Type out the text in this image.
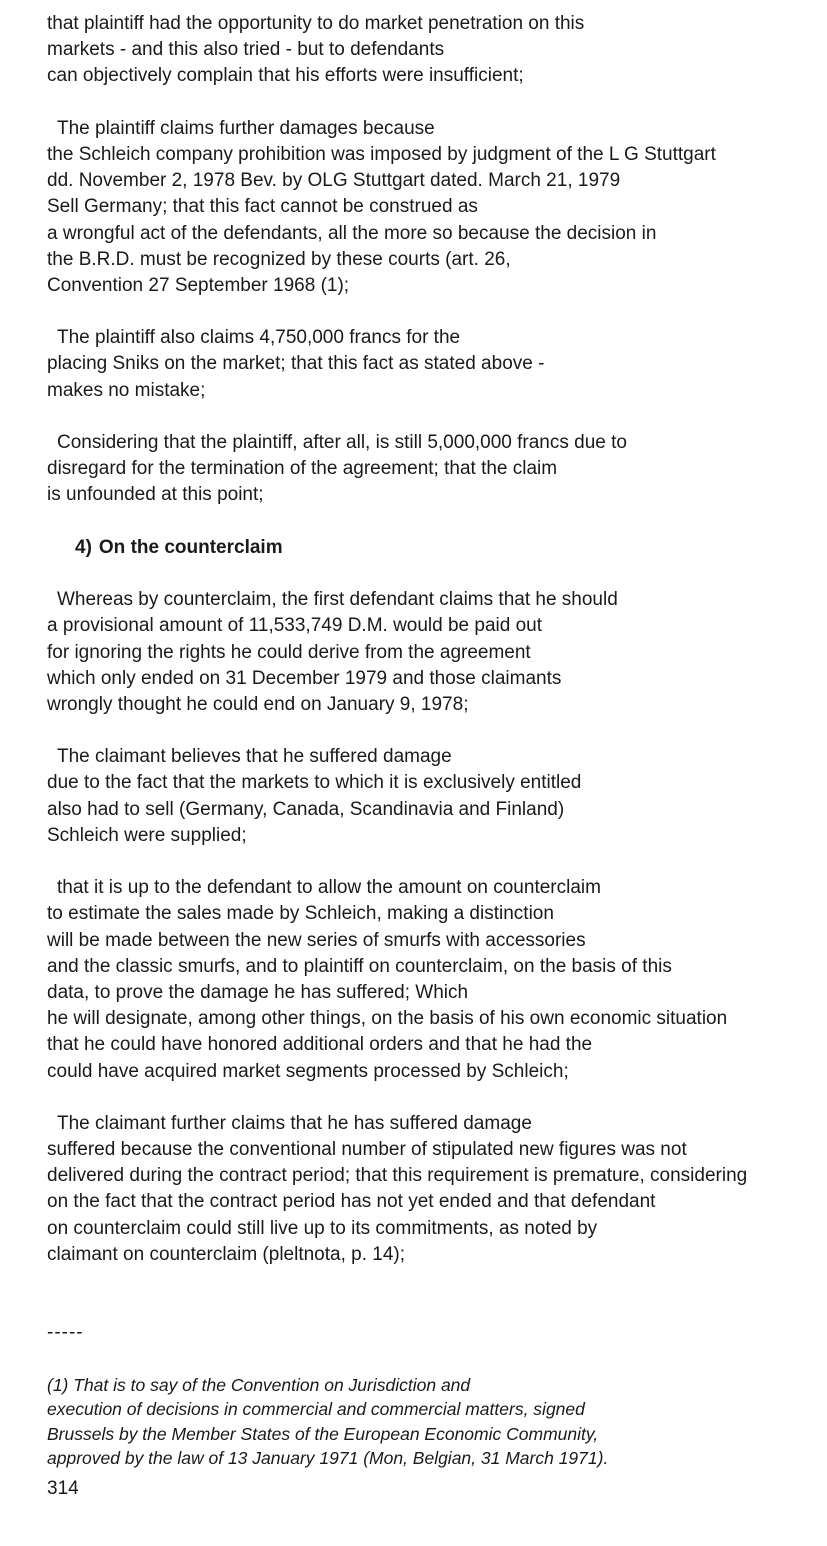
that plaintiff had the opportunity to do market penetration on this
markets - and this also tried - but to defendants
can objectively complain that his efforts were insufficient;
The plaintiff claims further damages because
the Schleich company prohibition was imposed by judgment of the L G Stuttgart
dd. November 2, 1978 Bev. by OLG Stuttgart dated. March 21, 1979
Sell Germany; that this fact cannot be construed as
a wrongful act of the defendants, all the more so because the decision in
the B.R.D. must be recognized by these courts (art. 26,
Convention 27 September 1968 (1);
The plaintiff also claims 4,750,000 francs for the
placing Sniks on the market; that this fact as stated above -
makes no mistake;
Considering that the plaintiff, after all, is still 5,000,000 francs due to
disregard for the termination of the agreement; that the claim
is unfounded at this point;
4) On the counterclaim
Whereas by counterclaim, the first defendant claims that he should
a provisional amount of 11,533,749 D.M. would be paid out
for ignoring the rights he could derive from the agreement
which only ended on 31 December 1979 and those claimants
wrongly thought he could end on January 9, 1978;
The claimant believes that he suffered damage
due to the fact that the markets to which it is exclusively entitled
also had to sell (Germany, Canada, Scandinavia and Finland)
Schleich were supplied;
that it is up to the defendant to allow the amount on counterclaim
to estimate the sales made by Schleich, making a distinction
will be made between the new series of smurfs with accessories
and the classic smurfs, and to plaintiff on counterclaim, on the basis of this
data, to prove the damage he has suffered; Which
he will designate, among other things, on the basis of his own economic situation
that he could have honored additional orders and that he had the
could have acquired market segments processed by Schleich;
The claimant further claims that he has suffered damage
suffered because the conventional number of stipulated new figures was not
delivered during the contract period; that this requirement is premature, considering
on the fact that the contract period has not yet ended and that defendant
on counterclaim could still live up to its commitments, as noted by
claimant on counterclaim (pleltnota, p. 14);
-----
(1) That is to say of the Convention on Jurisdiction and
execution of decisions in commercial and commercial matters, signed
Brussels by the Member States of the European Economic Community,
approved by the law of 13 January 1971 (Mon, Belgian, 31 March 1971).
314
